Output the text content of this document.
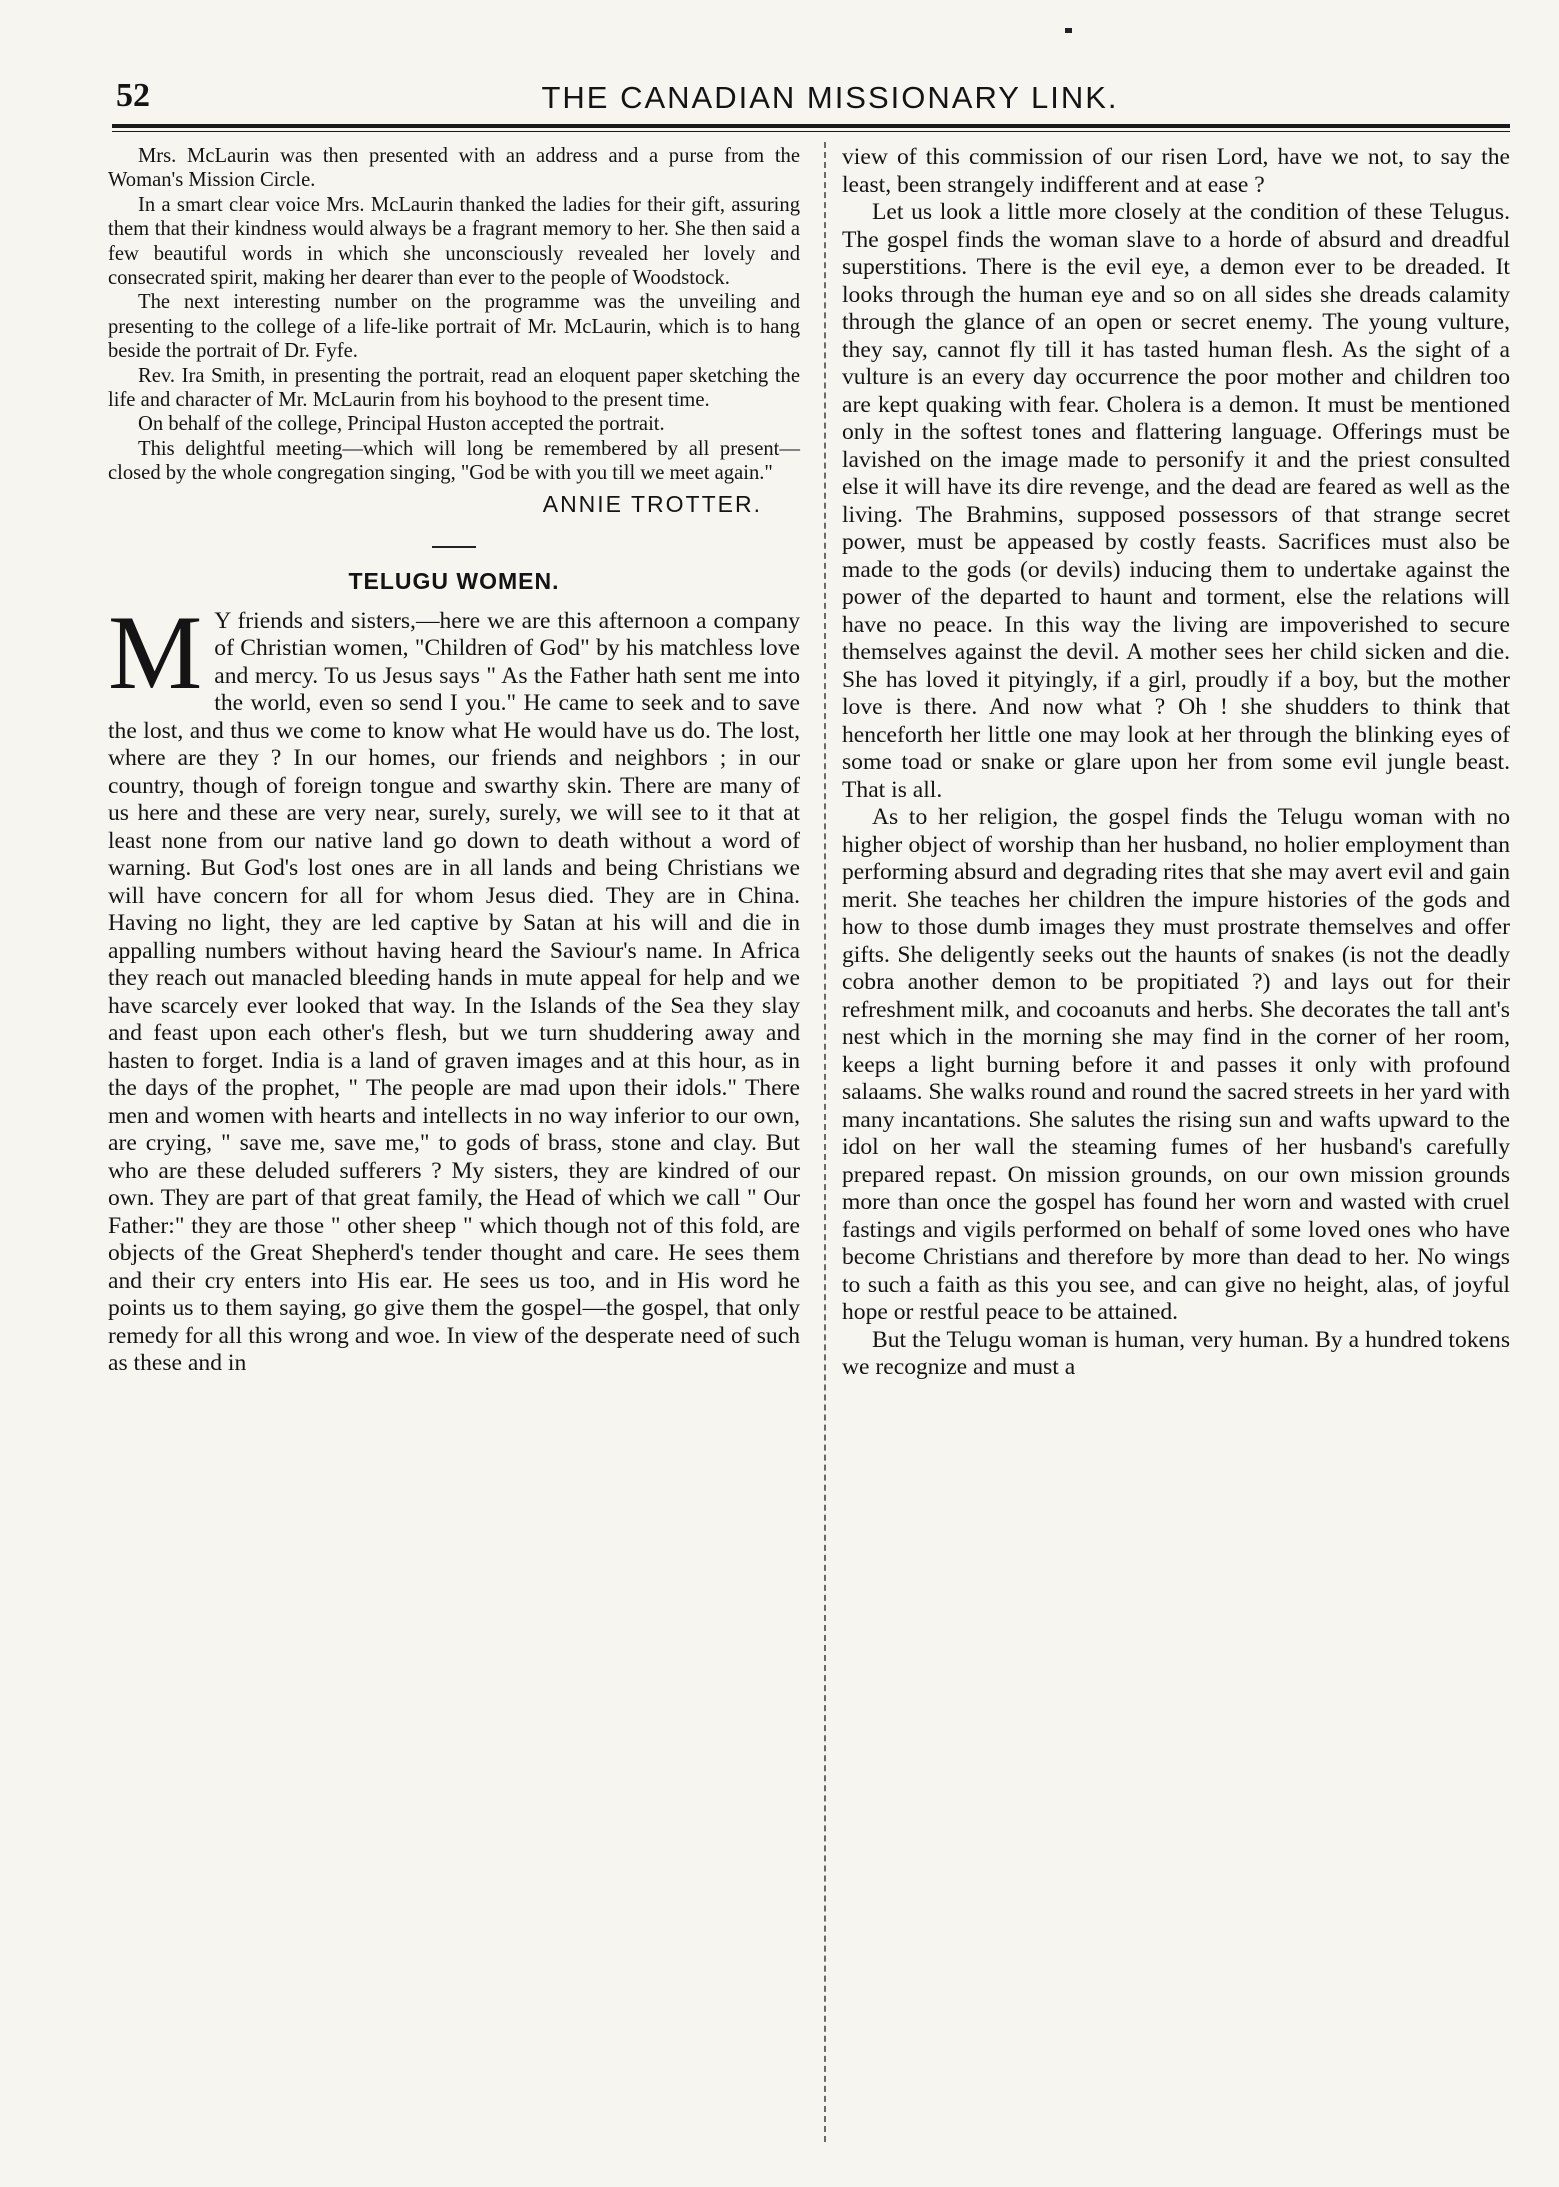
52	THE CANADIAN MISSIONARY LINK.

Mrs. McLaurin was then presented with an address and a purse from the Woman's Mission Circle.

In a smart clear voice Mrs. McLaurin thanked the ladies for their gift, assuring them that their kindness would always be a fragrant memory to her. She then said a few beautiful words in which she unconsciously revealed her lovely and consecrated spirit, making her dearer than ever to the people of Woodstock.

The next interesting number on the programme was the unveiling and presenting to the college of a life-like portrait of Mr. McLaurin, which is to hang beside the portrait of Dr. Fyfe.

Rev. Ira Smith, in presenting the portrait, read an eloquent paper sketching the life and character of Mr. McLaurin from his boyhood to the present time.

On behalf of the college, Principal Huston accepted the portrait.

This delightful meeting—which will long be remembered by all present—closed by the whole congregation singing, "God be with you till we meet again."

ANNIE TROTTER.
TELUGU WOMEN.

M Y friends and sisters,—here we are this afternoon a company of Christian women, "Children of God" by his matchless love and mercy. To us Jesus says " As the Father hath sent me into the world, even so send I you." He came to seek and to save the lost, and thus we come to know what He would have us do. The lost, where are they ? In our homes, our friends and neighbors ; in our country, though of foreign tongue and swarthy skin. There are many of us here and these are very near, surely, surely, we will see to it that at least none from our native land go down to death without a word of warning. But God's lost ones are in all lands and being Christians we will have concern for all for whom Jesus died. They are in China. Having no light, they are led captive by Satan at his will and die in appalling numbers without having heard the Saviour's name. In Africa they reach out manacled bleeding hands in mute appeal for help and we have scarcely ever looked that way. In the Islands of the Sea they slay and feast upon each other's flesh, but we turn shuddering away and hasten to forget. India is a land of graven images and at this hour, as in the days of the prophet, " The people are mad upon their idols." There men and women with hearts and intellects in no way inferior to our own, are crying, " save me, save me," to gods of brass, stone and clay. But who are these deluded sufferers ? My sisters, they are kindred of our own. They are part of that great family, the Head of which we call " Our Father:" they are those " other sheep " which though not of this fold, are objects of the Great Shepherd's tender thought and care. He sees them and their cry enters into His ear. He sees us too, and in His word he points us to them saying, go give them the gospel—the gospel, that only remedy for all this wrong and woe. In view of the desperate need of such as these and in

view of this commission of our risen Lord, have we not, to say the least, been strangely indifferent and at ease ?

Let us look a little more closely at the condition of these Telugus. The gospel finds the woman slave to a horde of absurd and dreadful superstitions. There is the evil eye, a demon ever to be dreaded. It looks through the human eye and so on all sides she dreads calamity through the glance of an open or secret enemy. The young vulture, they say, cannot fly till it has tasted human flesh. As the sight of a vulture is an every day occurrence the poor mother and children too are kept quaking with fear. Cholera is a demon. It must be mentioned only in the softest tones and flattering language. Offerings must be lavished on the image made to personify it and the priest consulted else it will have its dire revenge, and the dead are feared as well as the living. The Brahmins, supposed possessors of that strange secret power, must be appeased by costly feasts. Sacrifices must also be made to the gods (or devils) inducing them to undertake against the power of the departed to haunt and torment, else the relations will have no peace. In this way the living are impoverished to secure themselves against the devil. A mother sees her child sicken and die. She has loved it pityingly, if a girl, proudly if a boy, but the mother love is there. And now what ? Oh ! she shudders to think that henceforth her little one may look at her through the blinking eyes of some toad or snake or glare upon her from some evil jungle beast. That is all.

As to her religion, the gospel finds the Telugu woman with no higher object of worship than her husband, no holier employment than performing absurd and degrading rites that she may avert evil and gain merit. She teaches her children the impure histories of the gods and how to those dumb images they must prostrate themselves and offer gifts. She deligently seeks out the haunts of snakes (is not the deadly cobra another demon to be propitiated ?) and lays out for their refreshment milk, and cocoanuts and herbs. She decorates the tall ant's nest which in the morning she may find in the corner of her room, keeps a light burning before it and passes it only with profound salaams. She walks round and round the sacred streets in her yard with many incantations. She salutes the rising sun and wafts upward to the idol on her wall the steaming fumes of her husband's carefully prepared repast. On mission grounds, on our own mission grounds more than once the gospel has found her worn and wasted with cruel fastings and vigils performed on behalf of some loved ones who have become Christians and therefore by more than dead to her. No wings to such a faith as this you see, and can give no height, alas, of joyful hope or restful peace to be attained.

But the Telugu woman is human, very human. By a hundred tokens we recognize and must a
